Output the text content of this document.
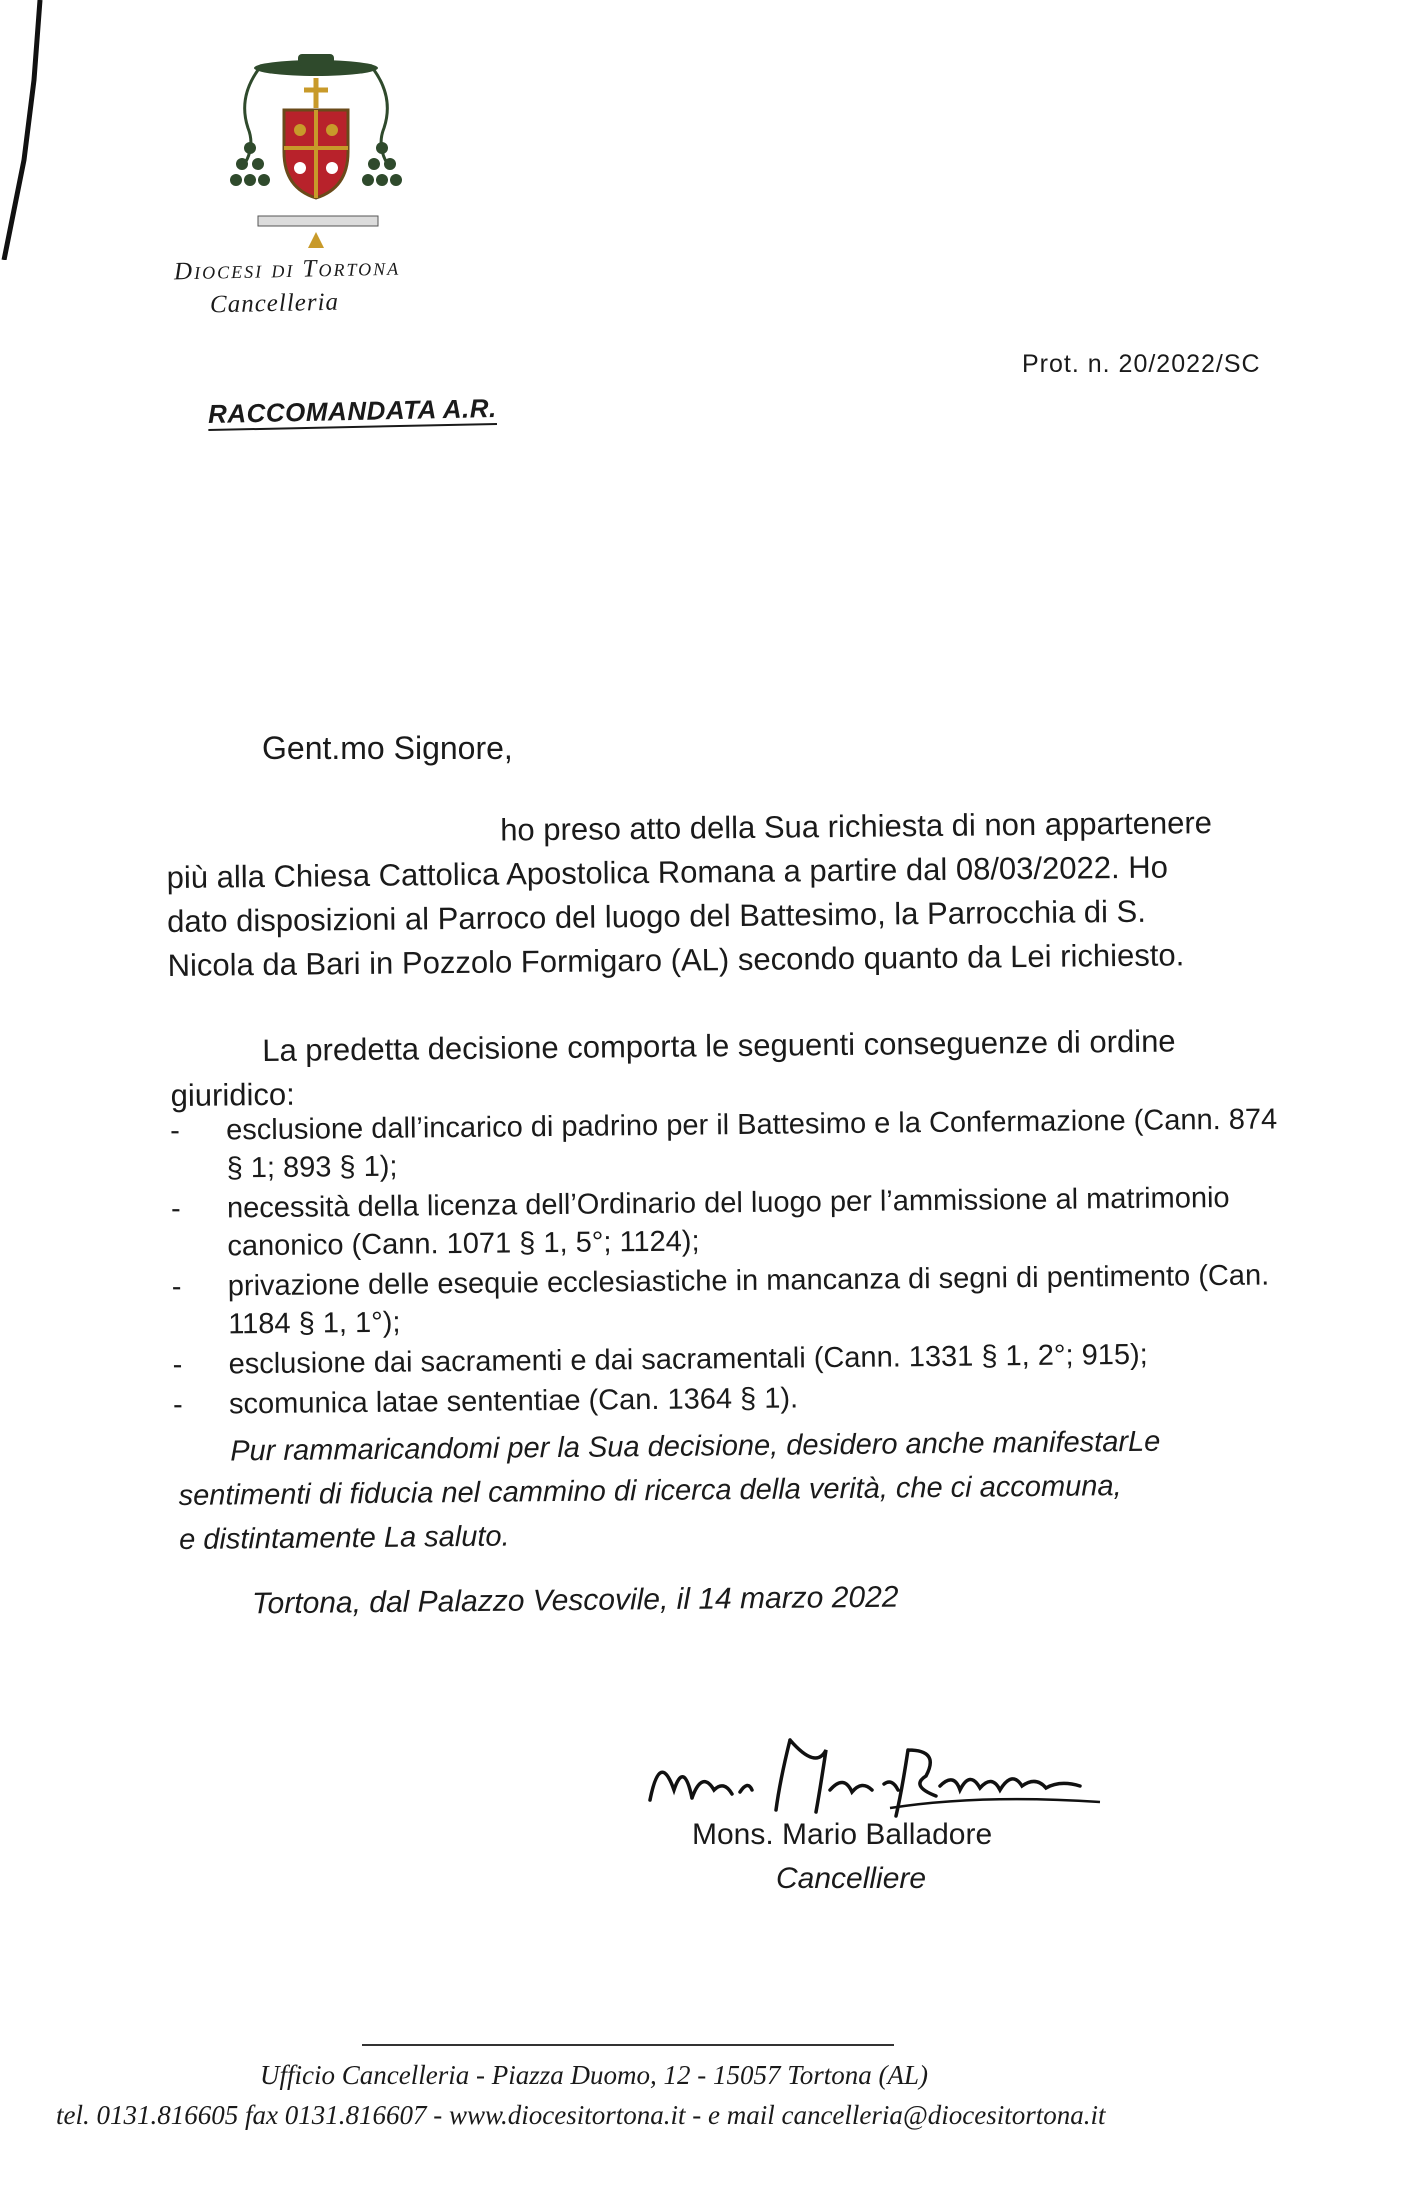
Diocesi di Tortona
Cancelleria
Prot. n. 20/2022/SC
RACCOMANDATA A.R.
Gent.mo Signore,
ho preso atto della Sua richiesta di non appartenere
più alla Chiesa Cattolica Apostolica Romana a partire dal 08/03/2022. Ho
dato disposizioni al Parroco del luogo del Battesimo, la Parrocchia di S.
Nicola da Bari in Pozzolo Formigaro (AL) secondo quanto da Lei richiesto.
La predetta decisione comporta le seguenti conseguenze di ordine
giuridico:
-	esclusione dall’incarico di padrino per il Battesimo e la Confermazione (Cann. 874 § 1; 893 § 1);
-	necessità della licenza dell’Ordinario del luogo per l’ammissione al matrimonio canonico (Cann. 1071 § 1, 5°; 1124);
-	privazione delle esequie ecclesiastiche in mancanza di segni di pentimento (Can. 1184 § 1, 1°);
-	esclusione dai sacramenti e dai sacramentali (Cann. 1331 § 1, 2°; 915);
-	scomunica latae sententiae (Can. 1364 § 1).
Pur rammaricandomi per la Sua decisione, desidero anche manifestarLe
sentimenti di fiducia nel cammino di ricerca della verità, che ci accomuna,
e distintamente La saluto.
Tortona, dal Palazzo Vescovile, il 14 marzo 2022
Mons. Mario Balladore
Cancelliere
Ufficio Cancelleria - Piazza Duomo, 12 - 15057 Tortona (AL)
tel. 0131.816605 fax 0131.816607 - www.diocesitortona.it - e mail cancelleria@diocesitortona.it
